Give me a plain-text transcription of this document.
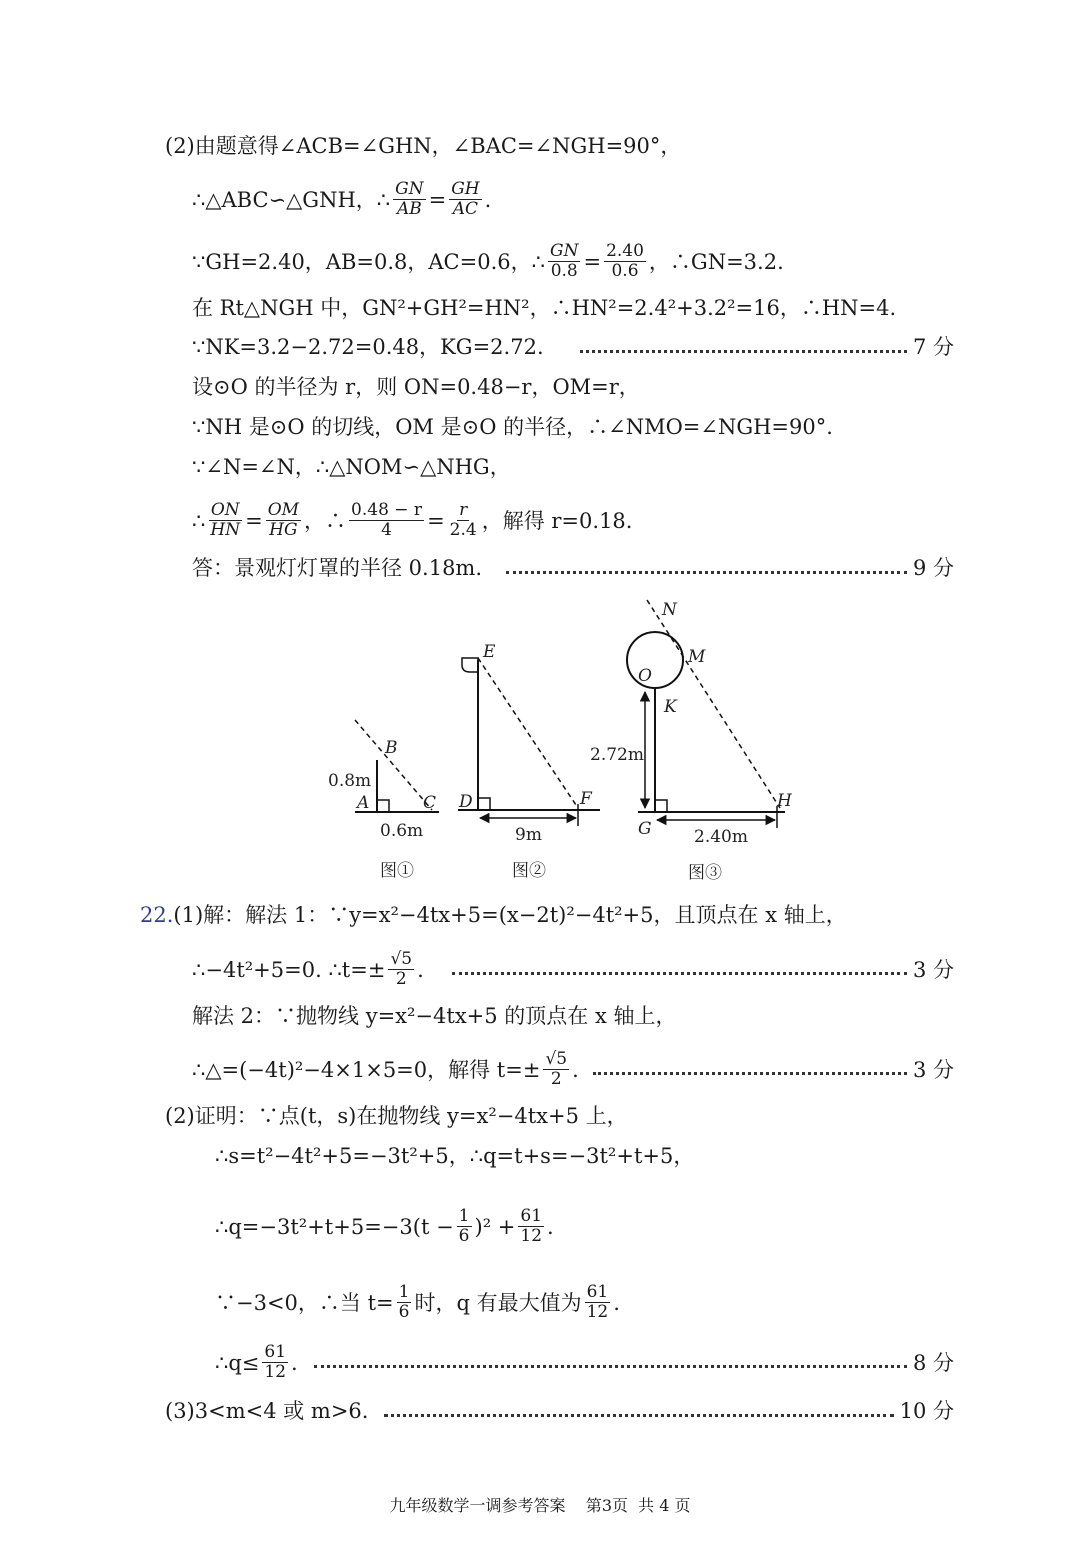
(2)由题意得∠ACB=∠GHN，∠BAC=∠NGH=90°，
∴△ABC∽△GNH，∴ $\frac{GN}{AB} = \frac{GH}{AC}$ .
∵GH=2.40，AB=0.8，AC=0.6，∴ $\frac{GN}{0.8} = \frac{2.40}{0.6}$ ，∴GN=3.2.
在 Rt△NGH 中，GN²+GH²=HN²，∴HN²=2.4²+3.2²=16，∴HN=4.
∵NK=3.2−2.72=0.48，KG=2.72.	7 分
设⊙O 的半径为 r，则 ON=0.48−r，OM=r，
∵NH 是⊙O 的切线，OM 是⊙O 的半径，∴∠NMO=∠NGH=90°.
∵∠N=∠N，∴△NOM∽△NHG，
∴ $\frac{ON}{HN} = \frac{OM}{HG}$ ，∴ $\frac{0.48 - r}{4} = \frac{r}{2.4}$ ，解得 r=0.18.
答：景观灯灯罩的半径 0.18m.	9 分
B
A	C
0.8m
0.6m
图①
E
D	F
9m
图②
N
M
O
K
G
H
2.72m
2.40m
图③
22. (1)解：解法 1：∵y=x²−4tx+5=(x−2t)²−4t²+5，且顶点在 x 轴上，
∴−4t²+5=0. ∴t=± $\frac{√5}{2}$ .	3 分
解法 2：∵抛物线 y=x²−4tx+5 的顶点在 x 轴上，
∴△=(−4t)²−4×1×5=0，解得 $t=\pm \frac{√5}{2}$ .	3 分
(2)证明：∵点(t，s)在抛物线 y=x²−4tx+5 上，
∴s=t²−4t²+5=−3t²+5，∴q=t+s=−3t²+t+5，
∴q=−3t²+t+5=−3(t − $\frac{1}{6} )^2 + \frac{61}{12}$ .
∵−3<0，∴当 $t= \frac{1}{6}$ 时，q 有最大值为 $\frac{61}{12}$ .
∴q≤ $\frac{61}{12}$ .	8 分
(3)3<m<4 或 m>6.	10 分
九年级数学一调参考答案    第3页  共 4 页
